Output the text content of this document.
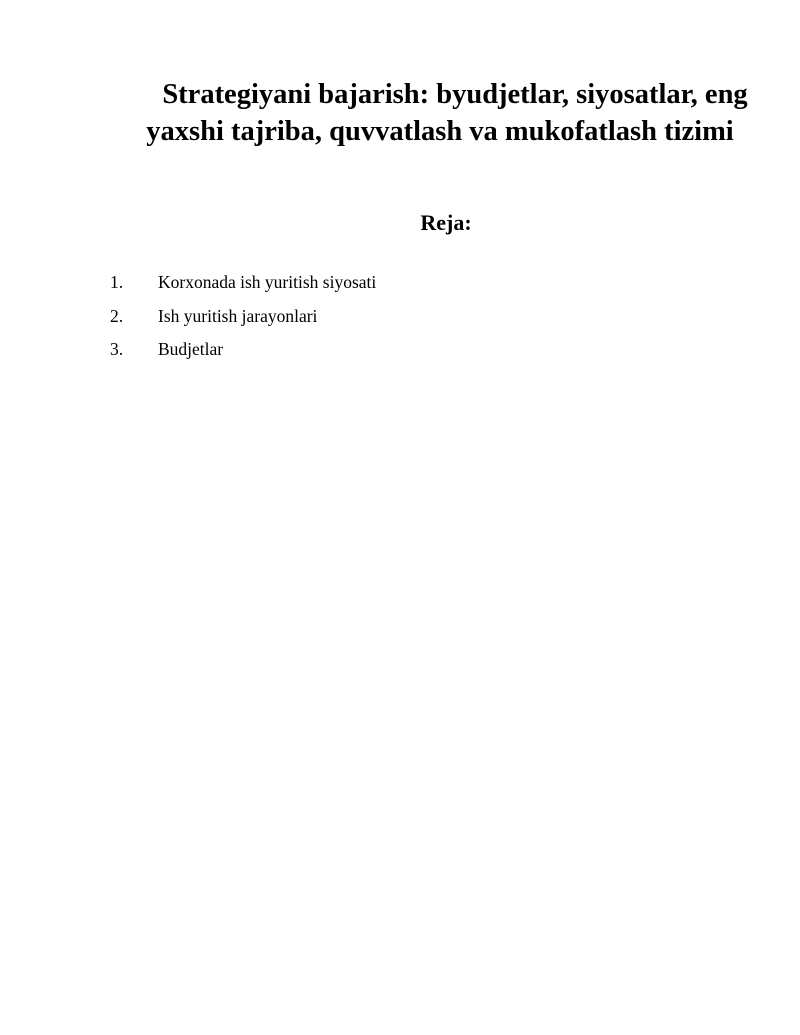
Strategiyani bajarish: byudjetlar, siyosatlar, eng yaxshi tajriba, quvvatlash va mukofatlash tizimi
Reja:
1. Korxonada ish yuritish siyosati
2. Ish yuritish jarayonlari
3. Budjetlar
